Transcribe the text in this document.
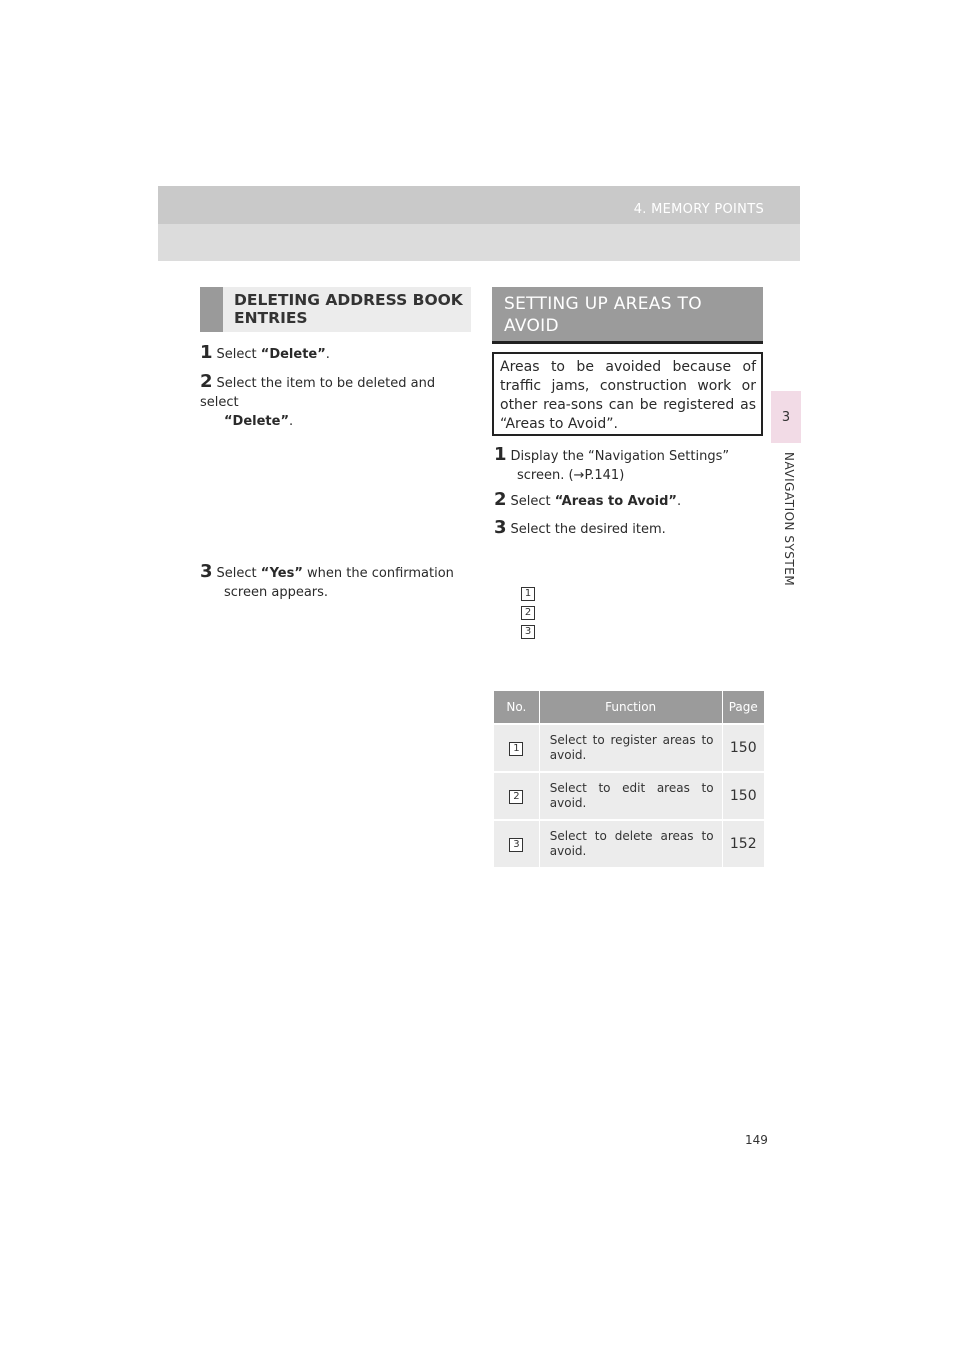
4. MEMORY POINTS
3
NAVIGATION SYSTEM
DELETING ADDRESS BOOK
ENTRIES
1 Select “Delete”.
2 Select the item to be deleted and select
“Delete”.
3 Select “Yes” when the confirmation
screen appears.
SETTING UP AREAS TO
AVOID

Areas to be avoided because of traffic jams, construction work or other rea-sons can be registered as “Areas to Avoid”.

1 Display the “Navigation Settings”
screen. (→P.141)
2 Select “Areas to Avoid”.
3 Select the desired item.
1
2
3
No.	Function	Page
1	Select to register areas to avoid.	150
2	Select to edit areas to avoid.	150
3	Select to delete areas to avoid.	152
149
